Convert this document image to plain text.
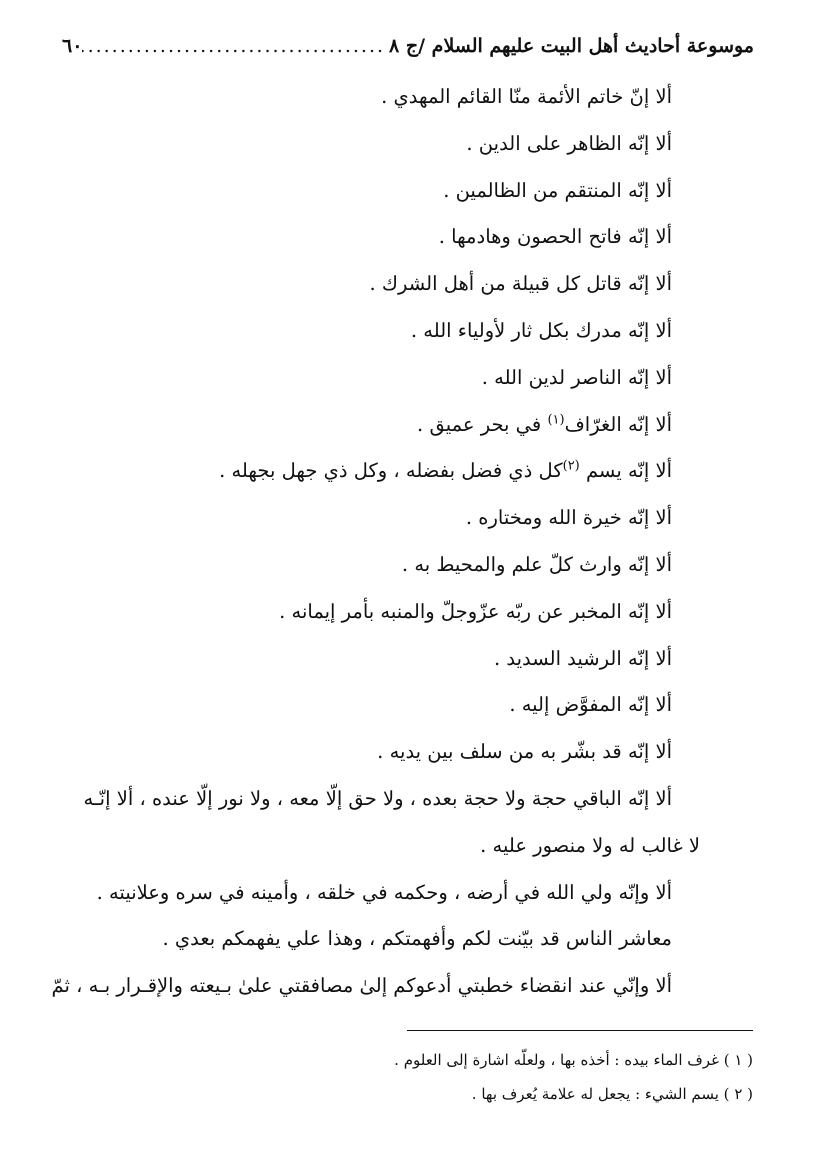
موسوعة أحاديث أهل البيت عليهم السلام /ج ٨
.....
٦٠
ألا إنّ خاتم الأئمة منّا القائم المهدي .
ألا إنّه الظاهر على الدين .
ألا إنّه المنتقم من الظالمين .
ألا إنّه فاتح الحصون وهادمها .
ألا إنّه قاتل كل قبيلة من أهل الشرك .
ألا إنّه مدرك بكل ثار لأولياء الله .
ألا إنّه الناصر لدين الله .
ألا إنّه الغرّاف$^{(١)}$ في بحر عميق .
ألا إنّه يسم $^{(٢)}$كل ذي فضل بفضله ، وكل ذي جهل بجهله .
ألا إنّه خيرة الله ومختاره .
ألا إنّه وارث كلّ علم والمحيط به .
ألا إنّه المخبر عن ربّه عزّوجلّ والمنبه بأمر إيمانه .
ألا إنّه الرشيد السديد .
ألا إنّه المفوَّض إليه .
ألا إنّه قد بشّر به من سلف بين يديه .
ألا إنّه الباقي حجة ولا حجة بعده ، ولا حق إلّا معه ، ولا نور إلّا عنده ، ألا إنّـه
لا غالب له ولا منصور عليه .
ألا وإنّه ولي الله في أرضه ، وحكمه في خلقه ، وأمينه في سره وعلانيته .
معاشر الناس قد بيّنت لكم وأفهمتكم ، وهذا علي يفهمكم بعدي .
ألا وإنّي عند انقضاء خطبتي أدعوكم إلىٰ مصافقتي علىٰ بـيعته والإقـرار بـه ، ثمّ
( ١ ) غرف الماء بيده : أخذه بها ، ولعلّه اشارة إلى العلوم .
( ٢ ) يسم الشيء : يجعل له علامة يُعرف بها .
